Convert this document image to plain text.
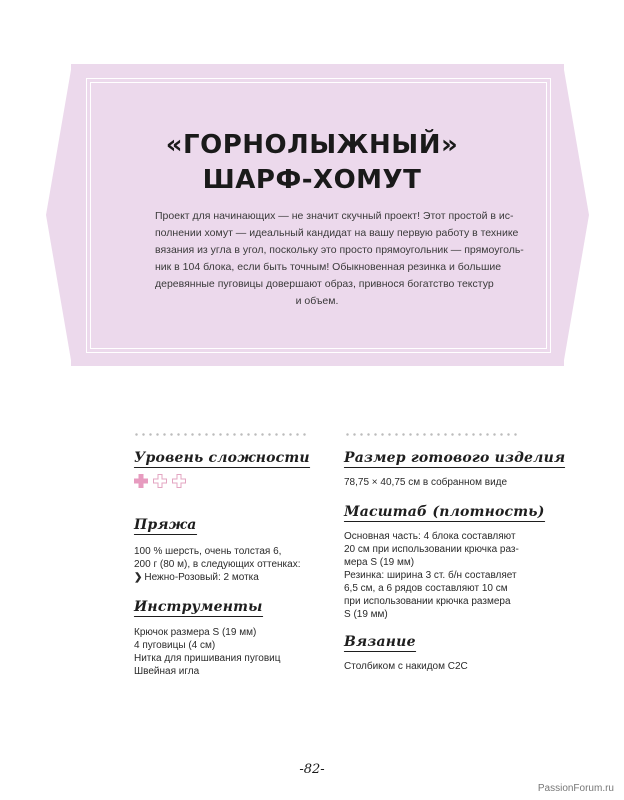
«ГОРНОЛЫЖНЫЙ»
ШАРФ-ХОМУТ

Проект для начинающих — не значит скучный проект! Этот простой в ис-
полнении хомут — идеальный кандидат на вашу первую работу в технике
вязания из угла в угол, поскольку это просто прямоугольник — прямоуголь-
ник в 104 блока, если быть точным! Обыкновенная резинка и большие
деревянные пуговицы довершают образ, привнося богатство текстур
и объем.

Уровень сложности
Пряжа

100 % шерсть, очень толстая 6,
200 г (80 м), в следующих оттенках:
❯ Нежно-Розовый: 2 мотка

Инструменты

Крючок размера S (19 мм)
4 пуговицы (4 см)
Нитка для пришивания пуговиц
Швейная игла

Размер готового изделия

78,75 × 40,75 см в собранном виде

Масштаб (плотность)

Основная часть: 4 блока составляют
20 см при использовании крючка раз-
мера S (19 мм)
Резинка: ширина 3 ст. б/н составляет
6,5 см, а 6 рядов составляют 10 см
при использовании крючка размера
S (19 мм)

Вязание

Столбиком с накидом С2С

-82-

PassionForum.ru
